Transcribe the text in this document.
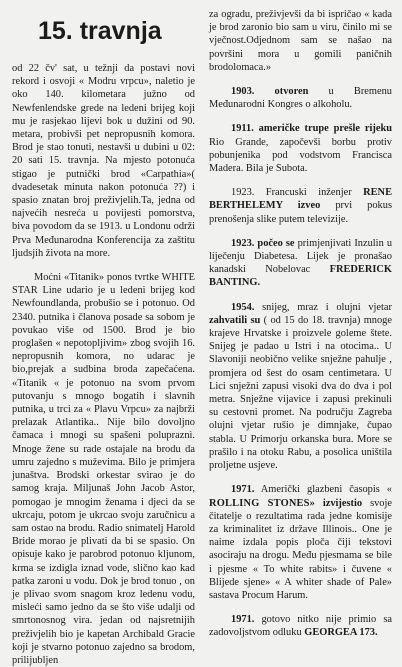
15. travnja
od 22 čv' sat, u težnji da postavi novi rekord i osvoji « Modru vrpcu», naletio je oko 140. kilometara južno od Newfenlendske grede na ledeni brijeg koji mu je rasjekao lijevi bok u dužini od 90. metara, probivši pet nepropusnih komora. Brod je stao tonuti, nestavši u dubini u 02: 20 sati 15. travnja. Na mjesto potonuća stigao je putnički brod «Carpathia»( dvadesetak minuta nakon potonuća ??) i spasio znatan broj preživjelih.Ta, jedna od najvećih nesreća u povijesti pomorstva, biva povodom da se 1913. u Londonu održi Prva Međunarodna Konferencija za zaštitu ljudsjih života na more.
Moćni «Titanik» ponos tvrtke WHITE STAR Line udario je u ledeni brijeg kod Newfoundlanda, probušio se i potonuo. Od 2340. putnika i članova posade sa sobom je povukao više od 1500. Brod je bio proglašen « nepotopljivim» zbog svojih 16. nepropusnih komora, no udarac je bio,prejak a sudbina broda zapečaćena. «Titanik « je potonuo na svom prvom putovanju s mnogo bogatih i slavnih putnika, u trci za « Plavu Vrpcu» za najbrži prelazak Atlantika.. Nije bilo dovoljno čamaca i mnogi su spašeni polupraznì. Mnoge žene su rade ostajale na brodu da umru zajedno s muževima. Bilo je primjera junaštva. Brodski orkestar svirao je do samog kraja. Miljunaš John Jacob Astor, pomogao je mnogim ženama i djeci da se ukrcaju, potom je ukrcao svoju zaručnicu a sam ostao na brodu. Radio snimatelj Harold Bride morao je plivati da bi se spasio. On opisuje kako je parobrod potonuo kljunom, krma se izdigla iznad vode, slično kao kad patka zaroni u vodu. Dok je brod tonuo , on je plivao svom snagom kroz ledenu vodu, misleći samo jedno da se što više udalji od smrtonosnog vira. jedan od najsretnijih preživjelih bio je kapetan Archibald Gracie koji je stvarno potonuo zajedno sa brodom, prilijubljen
za ogradu, preživjevši da bi ispričao « kada je brod zaronio bio sam u viru, činilo mi se vječnost.Odjednom sam se našao na površini mora u gomili paničnih brodolomaca.»

1903. otvoren u Bremenu Međunarodni Kongres o alkoholu.

1911. američke trupe prešle rijeku Rio Grande, započevši borbu protiv pobunjenika pod vodstvom Francisca Madera. Bila je Subota.

1923. Francuski inženjer RENE BERTHELEMY izveo prvi pokus prenošenja slike putem televizije.

1923. počeo se primjenjivati Inzulin u liječenju Diabetesa. Lijek je pronašao kanadski Nobelovac FREDERICK BANTING.

1954. snijeg, mraz i olujni vjetar zahvatili su ( od 15 do 18. travnja) mnoge krajeve Hrvatske i proizvele goleme štete. Snijeg je padao u Istri i na otocima.. U Slavoniji neobično velike snježne pahulje , promjera od šest do osam centimetara. U Lici snježni zapusi visoki dva do dva i pol metra. Snježne vijavice i zapusi prekinuli su cestovni promet. Na području Zagreba olujni vjetar rušio je dimnjake, čupao stabla. U Primorju orkanska bura. More se prašilo i na otoku Rabu, a posolica uništila proljetne usjeve.

1971. Američki glazbeni časopis « ROLLING STONES» izvijestio svoje čitatelje o rezultatima rada jedne komisije za kriminalitet iz države Illinois.. One je naime izdala popis ploča čiji tekstovi asociraju na drogu. Među pjesmama se bile i pjesme « To white rabits» i čuvene « Blijede sjene» « A whiter shade of Pale» sastava Procum Harum.

1971. gotovo nitko nije primio sa zadovoljstvom odluku GEORGEA 173.
